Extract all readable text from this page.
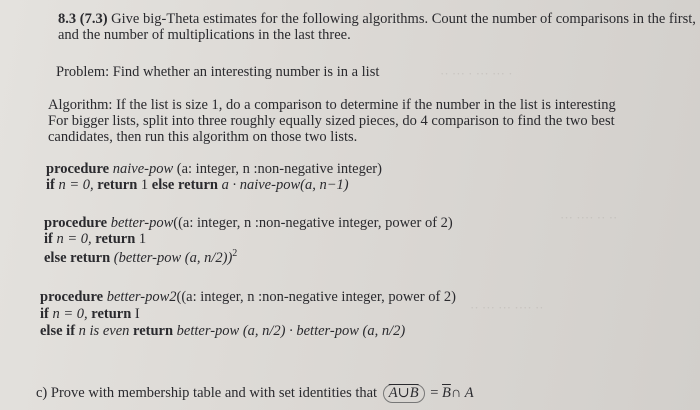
·· ··· · ··· ··· ·
··· ···· ·· ··
·· ··· ··· ···· ··
8.3 (7.3) Give big-Theta estimates for the following algorithms. Count the number of comparisons in the first,
and the number of multiplications in the last three.
Problem: Find whether an interesting number is in a list
Algorithm: If the list is size 1, do a comparison to determine if the number in the list is interesting
For bigger lists, split into three roughly equally sized pieces, do 4 comparison to find the two best
candidates, then run this algorithm on those two lists.
procedure naive-pow (a: integer, n :non-negative integer)
if n = 0, return 1 else return a · naive-pow(a, n−1)
procedure better-pow((a: integer, n :non-negative integer, power of 2)
if n = 0, return 1
else return (better-pow (a, n/2))$^2$
procedure better-pow2((a: integer, n :non-negative integer, power of 2)
if n = 0, return I
else if n is even return better-pow (a, n/2) · better-pow (a, n/2)
c) Prove with membership table and with set identities that A∪B = $\overline{B}\cap$ A
